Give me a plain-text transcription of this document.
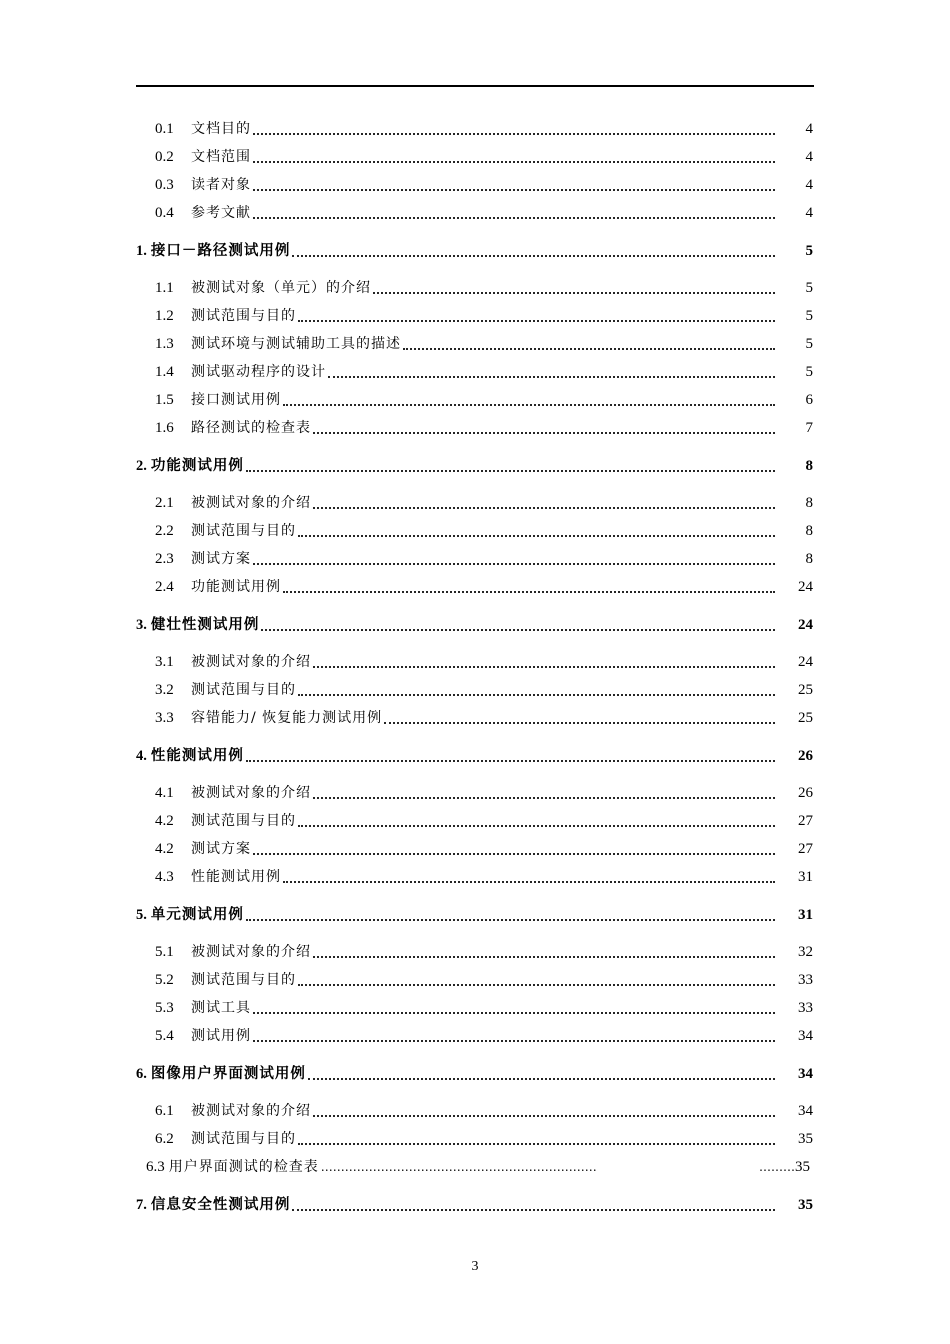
0.1	文档目的	4
0.2	文档范围	4
0.3	读者对象	4
0.4	参考文献	4
1. 接口－路径测试用例	5
1.1	被测试对象（单元）的介绍	5
1.2	测试范围与目的	5
1.3	测试环境与测试辅助工具的描述	5
1.4	测试驱动程序的设计	5
1.5	接口测试用例	6
1.6	路径测试的检查表	7
2. 功能测试用例	8
2.1	被测试对象的介绍	8
2.2	测试范围与目的	8
2.3	测试方案	8
2.4	功能测试用例	24
3. 健壮性测试用例	24
3.1	被测试对象的介绍	24
3.2	测试范围与目的	25
3.3	容错能力/ 恢复能力测试用例	25
4. 性能测试用例	26
4.1	被测试对象的介绍	26
4.2	测试范围与目的	27
4.2	测试方案	27
4.3	性能测试用例	31
5. 单元测试用例	31
5.1	被测试对象的介绍	32
5.2	测试范围与目的	33
5.3	测试工具	33
5.4	测试用例	34
6. 图像用户界面测试用例	34
6.1	被测试对象的介绍	34
6.2	测试范围与目的	35
6.3 用户界面测试的检查表 ……………………………………………………………	……… 35
7. 信息安全性测试用例	35
3
